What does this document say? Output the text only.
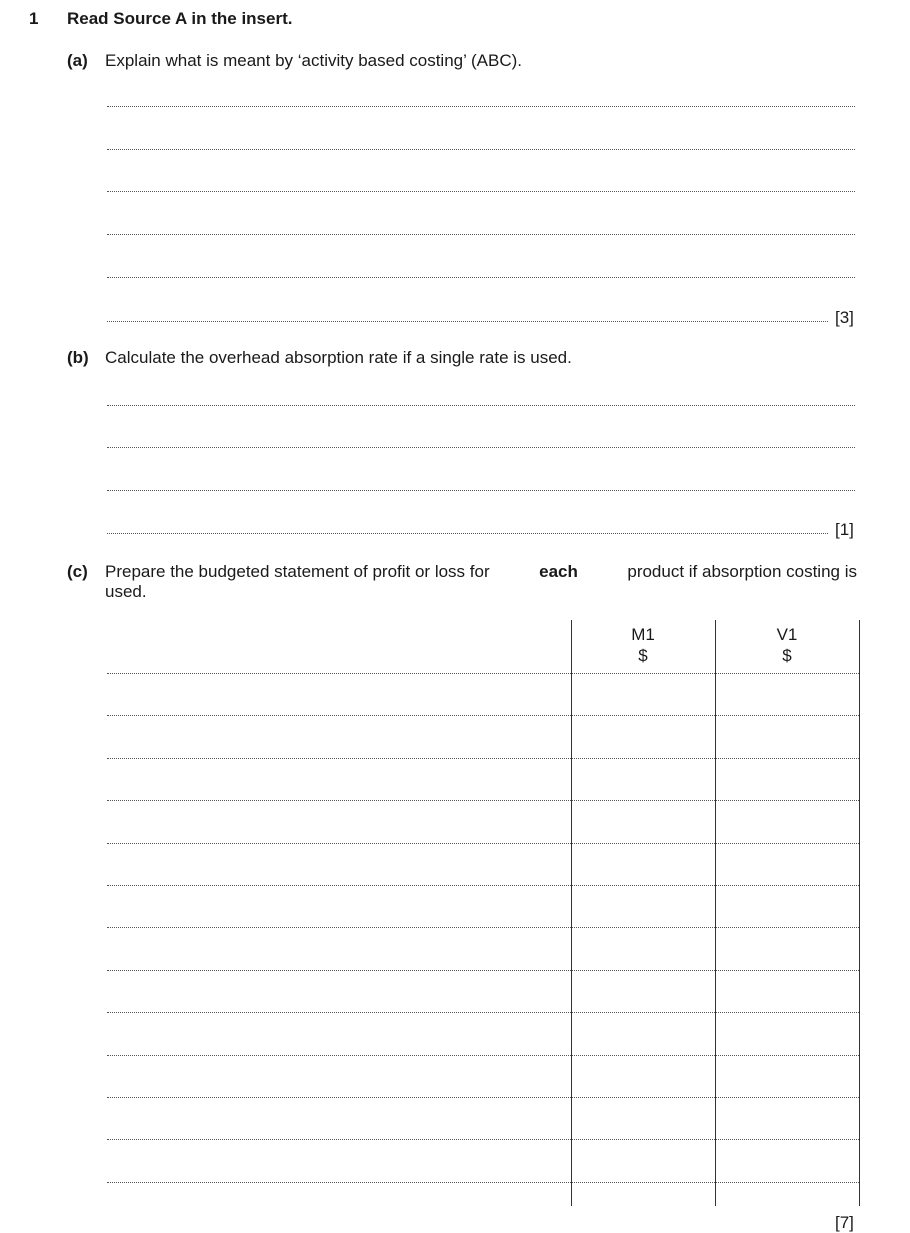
1 Read Source A in the insert.
(a) Explain what is meant by ‘activity based costing’ (ABC).
[3]
(b) Calculate the overhead absorption rate if a single rate is used.
[1]
(c) Prepare the budgeted statement of profit or loss for	each	product if absorption costing is
used.
M1
$
V1
$
[7]
